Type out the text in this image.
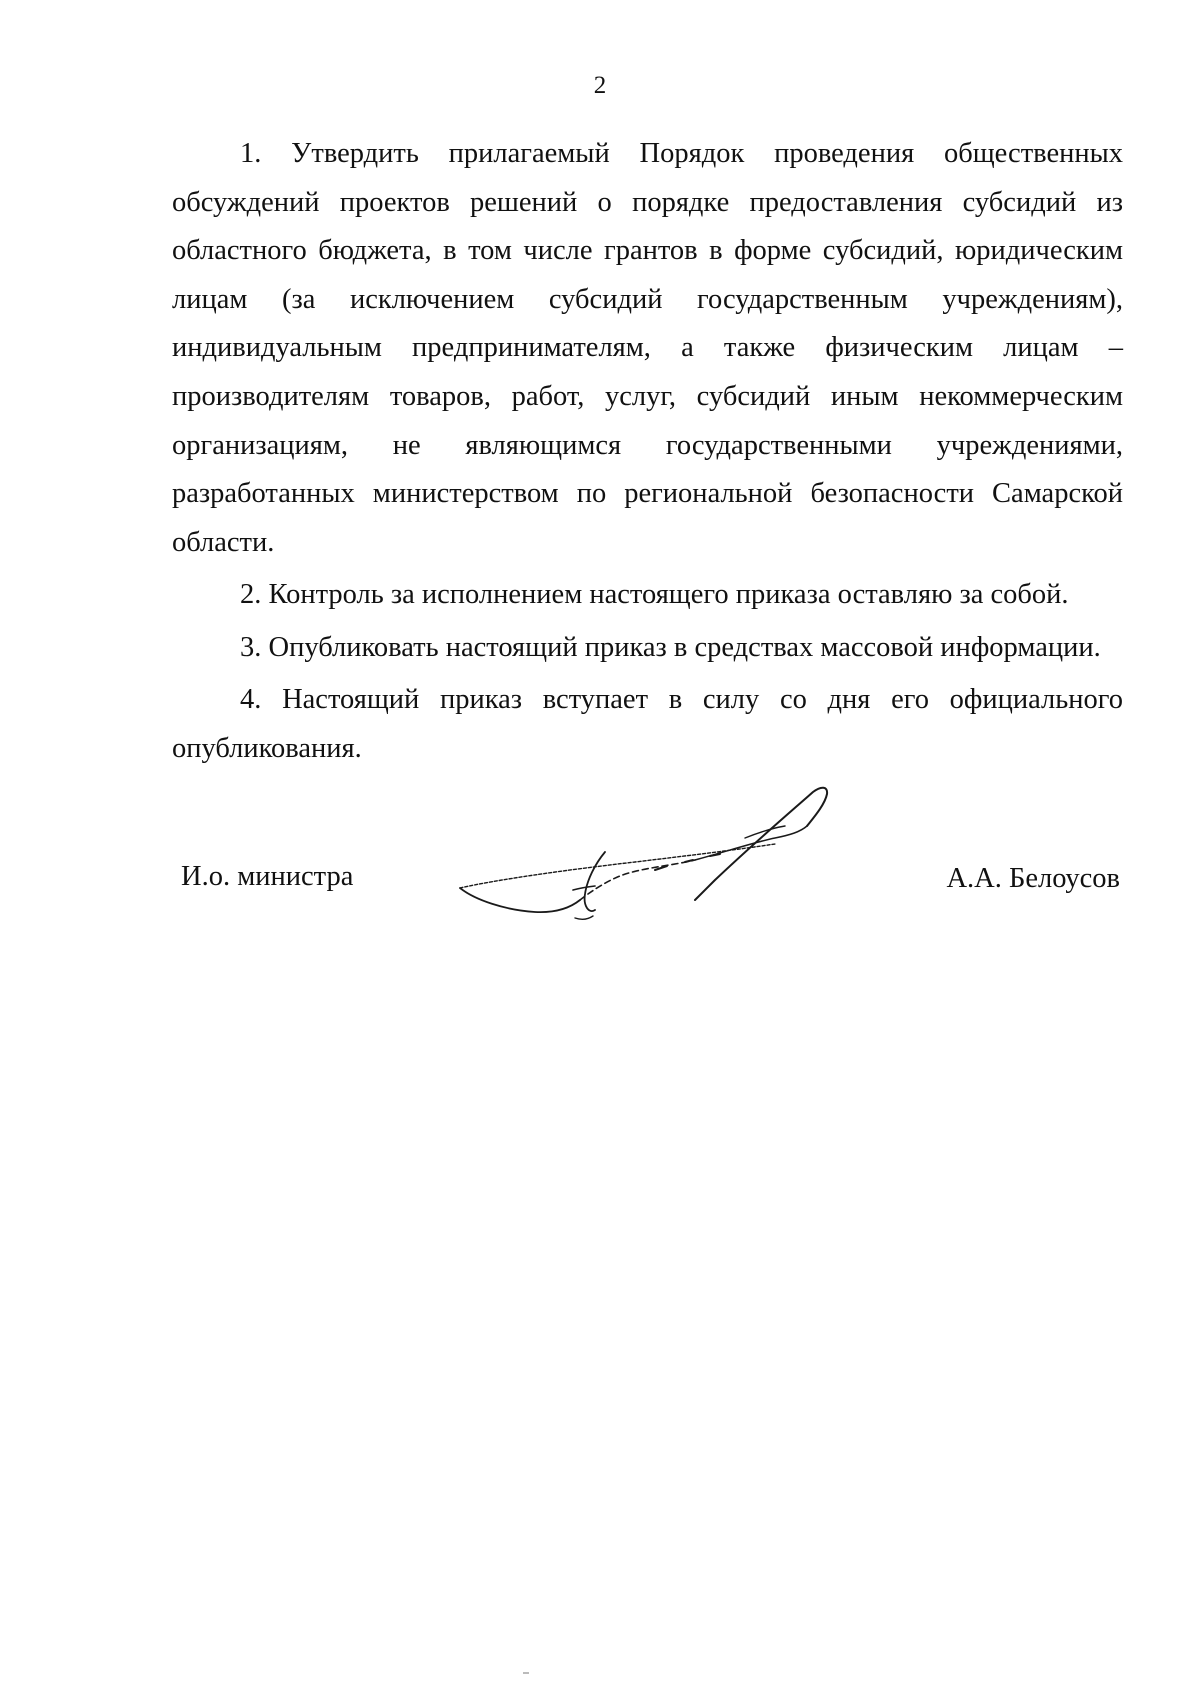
2

1. Утвердить прилагаемый Порядок проведения общественных обсуждений проектов решений о порядке предоставления субсидий из областного бюджета, в том числе грантов в форме субсидий, юридическим лицам (за исключением субсидий государственным учреждениям), индивидуальным предпринимателям, а также физическим лицам – производителям товаров, работ, услуг, субсидий иным некоммерческим организациям, не являющимся государственными учреждениями, разработанных министерством по региональной безопасности Самарской области.

2. Контроль за исполнением настоящего приказа оставляю за собой.

3. Опубликовать настоящий приказ в средствах массовой информации.

4. Настоящий приказ вступает в силу со дня его официального опубликования.

И.о. министра	А.А. Белоусов
